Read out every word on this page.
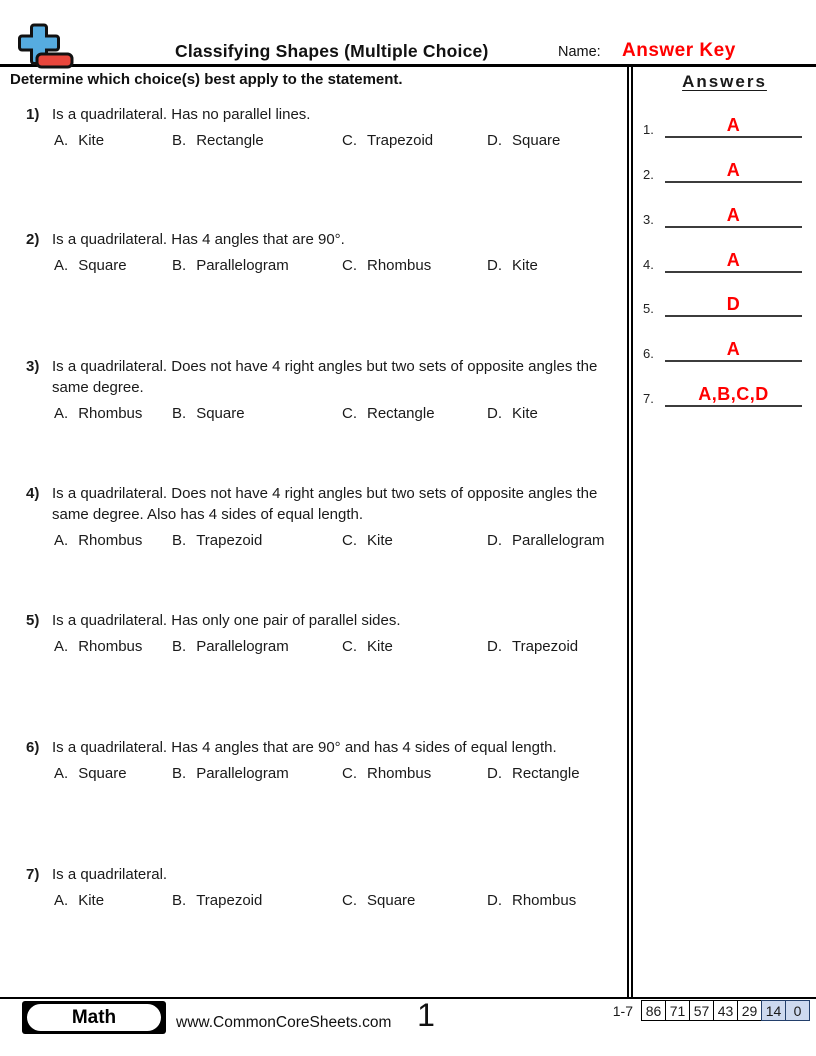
Classifying Shapes (Multiple Choice)	Name: Answer Key
Determine which choice(s) best apply to the statement.
1) Is a quadrilateral. Has no parallel lines.
A. Kite	B. Rectangle	C. Trapezoid	D. Square
2) Is a quadrilateral. Has 4 angles that are 90°.
A. Square	B. Parallelogram	C. Rhombus	D. Kite
3) Is a quadrilateral. Does not have 4 right angles but two sets of opposite angles the same degree.
A. Rhombus B. Square	C. Rectangle	D. Kite
4) Is a quadrilateral. Does not have 4 right angles but two sets of opposite angles the same degree. Also has 4 sides of equal length.
A. Rhombus B. Trapezoid	C. Kite	D. Parallelogram
5) Is a quadrilateral. Has only one pair of parallel sides.
A. Rhombus B. Parallelogram	C. Kite	D. Trapezoid
6) Is a quadrilateral. Has 4 angles that are 90° and has 4 sides of equal length.
A. Square	B. Parallelogram	C. Rhombus	D. Rectangle
7) Is a quadrilateral.
A. Kite	B. Trapezoid	C. Square	D. Rhombus
Answers
1.	A
2.	A
3.	A
4.	A
5.	D
6.	A
7.	A,B,C,D
Math	www.CommonCoreSheets.com 1	1-7 86 71 57 43 29 14 0
